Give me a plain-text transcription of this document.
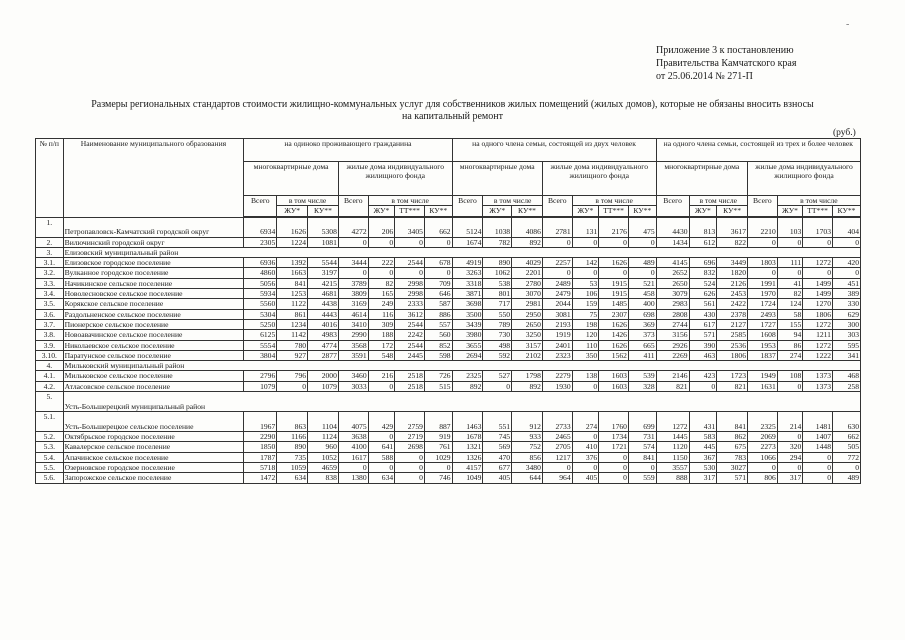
-
Приложение 3 к постановлению
Правительства Камчатского края
от 25.06.2014 № 271-П
Размеры региональных стандартов стоимости жилищно-коммунальных услуг для собственников жилых помещений (жилых домов), которые не обязаны вносить взносы
на капитальный ремонт
(руб.)
№ п/п	Наименование муниципального образования	на одиноко проживающего гражданина							на одного члена семьи, состоящей из двух человек							на одного члена семьи, состоящей из трех и более человек						
		многоквартирные дома			жилые дома индивидуального жилищного фонда				многоквартирные дома			жилые дома индивидуального жилищного фонда				многоквартирные дома			жилые дома индивидуального жилищного фонда			
		Всего	в том числе		Всего	в том числе			Всего	в том числе		Всего	в том числе			Всего	в том числе		Всего	в том числе		
			ЖУ*	КУ**		ЖУ*	ТТ***	КУ**		ЖУ*	КУ**		ЖУ*	ТТ***	КУ**		ЖУ*	КУ**		ЖУ*	ТТ***	КУ**

1.	Петропавловск-Камчатский городской округ	6934	1626	5308	4272	206	3405	662	5124	1038	4086	2781	131	2176	475	4430	813	3617	2210	103	1703	404
2.	Вилючинский городской округ	2305	1224	1081	0	0	0	0	1674	782	892	0	0	0	0	1434	612	822	0	0	0	0
3.	Елизовский муниципальный район																					
3.1.	Елизовское городское поселение	6936	1392	5544	3444	222	2544	678	4919	890	4029	2257	142	1626	489	4145	696	3449	1803	111	1272	420
3.2.	Вулканное городское поселение	4860	1663	3197	0	0	0	0	3263	1062	2201	0	0	0	0	2652	832	1820	0	0	0	0
3.3.	Начикинское сельское поселение	5056	841	4215	3789	82	2998	709	3318	538	2780	2489	53	1915	521	2650	524	2126	1991	41	1499	451
3.4.	Новолесновское сельское поселение	5934	1253	4681	3809	165	2998	646	3871	801	3070	2479	106	1915	458	3079	626	2453	1970	82	1499	389
3.5.	Корякское сельское поселение	5560	1122	4438	3169	249	2333	587	3698	717	2981	2044	159	1485	400	2983	561	2422	1724	124	1270	330
3.6.	Раздольненское сельское поселение	5304	861	4443	4614	116	3612	886	3500	550	2950	3081	75	2307	698	2808	430	2378	2493	58	1806	629
3.7.	Пионерское сельское поселение	5250	1234	4016	3410	309	2544	557	3439	789	2650	2193	198	1626	369	2744	617	2127	1727	155	1272	300
3.8.	Новоавачинское сельское поселение	6125	1142	4983	2990	188	2242	560	3980	730	3250	1919	120	1426	373	3156	571	2585	1608	94	1211	303
3.9.	Николаевское сельское поселение	5554	780	4774	3568	172	2544	852	3655	498	3157	2401	110	1626	665	2926	390	2536	1953	86	1272	595
3.10.	Паратунское сельское поселение	3804	927	2877	3591	548	2445	598	2694	592	2102	2323	350	1562	411	2269	463	1806	1837	274	1222	341
4.	Мильковский муниципальный район																					
4.1.	Мильковское сельское поселение	2796	796	2000	3460	216	2518	726	2325	527	1798	2279	138	1603	539	2146	423	1723	1949	108	1373	468
4.2.	Атласовское сельское поселение	1079	0	1079	3033	0	2518	515	892	0	892	1930	0	1603	328	821	0	821	1631	0	1373	258
5.	Усть-Большерецкий муниципальный район																					
5.1.	Усть-Большерецкое сельское поселение	1967	863	1104	4075	429	2759	887	1463	551	912	2733	274	1760	699	1272	431	841	2325	214	1481	630
5.2.	Октябрьское городское поселение	2290	1166	1124	3638	0	2719	919	1678	745	933	2465	0	1734	731	1445	583	862	2069	0	1407	662
5.3.	Кавалерское сельское поселение	1850	890	960	4100	641	2698	761	1321	569	752	2705	410	1721	574	1120	445	675	2273	320	1448	505
5.4.	Апачинское сельское поселение	1787	735	1052	1617	588	0	1029	1326	470	856	1217	376	0	841	1150	367	783	1066	294	0	772
5.5.	Озерновское городское поселение	5718	1059	4659	0	0	0	0	4157	677	3480	0	0	0	0	3557	530	3027	0	0	0	0
5.6.	Запорожское сельское поселение	1472	634	838	1380	634	0	746	1049	405	644	964	405	0	559	888	317	571	806	317	0	489
